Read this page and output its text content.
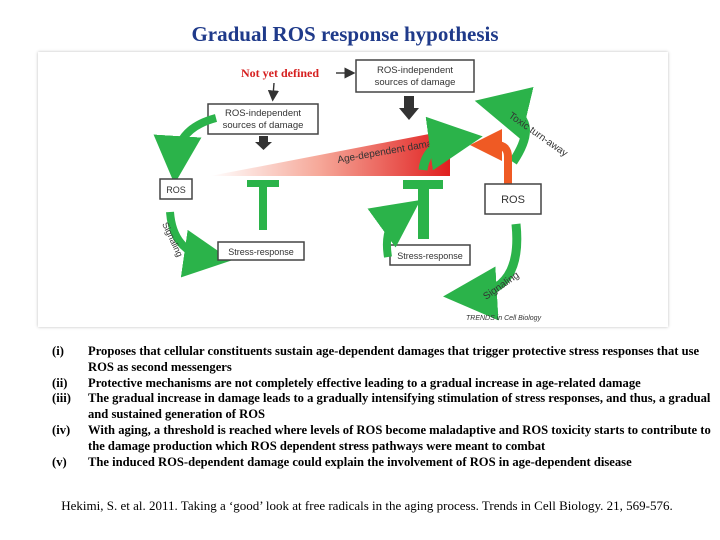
Gradual ROS response hypothesis
Not yet defined	ROS-independent
sources of damage
ROS-independent
sources of damage
Age-dependent damage	Toxic turn-away
ROS
Signaling	Stress-response	Stress-response
ROS
Signaling
TRENDS in Cell Biology
(i)	Proposes that cellular constituents sustain age-dependent damages that trigger protective stress responses that use ROS as second messengers
(ii)	Protective mechanisms are not completely effective leading to a gradual increase in age-related damage
(iii)	The gradual increase in damage leads to a gradually intensifying stimulation of stress responses, and thus, a gradual and sustained generation of ROS
(iv)	With aging, a threshold is reached where levels of ROS become maladaptive and ROS toxicity starts to contribute to the damage production which ROS dependent stress pathways were meant to combat
(v)	The induced ROS-dependent damage could explain the involvement of ROS in age-dependent disease
Hekimi, S. et al. 2011. Taking a ‘good’ look at free radicals in the aging process. Trends in Cell Biology. 21, 569-576.
